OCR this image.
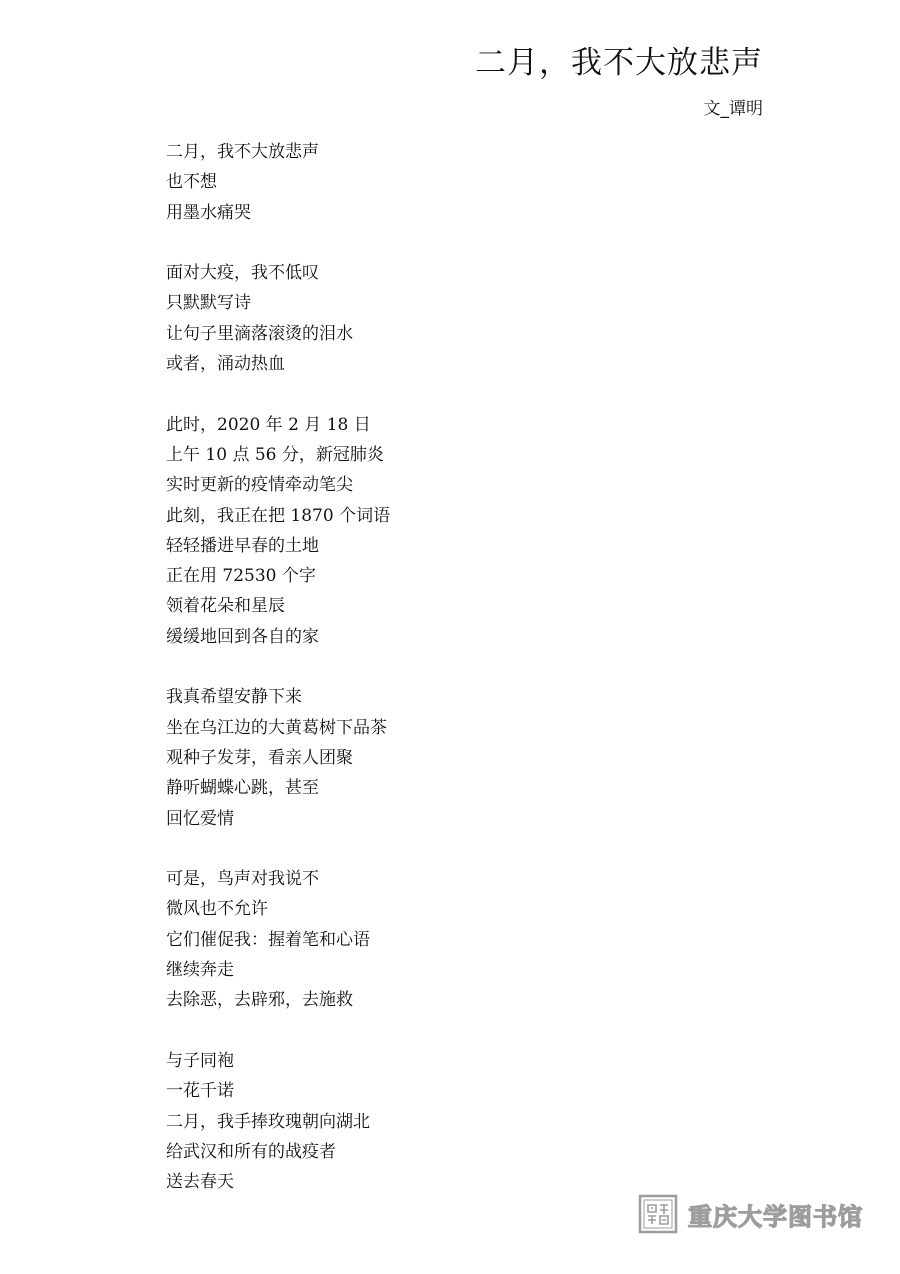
二月，我不大放悲声
文_谭明
二月，我不大放悲声
也不想
用墨水痛哭
面对大疫，我不低叹
只默默写诗
让句子里滴落滚烫的泪水
或者，涌动热血
此时，2020 年 2 月 18 日
上午 10 点 56 分，新冠肺炎
实时更新的疫情牵动笔尖
此刻，我正在把 1870 个词语
轻轻播进早春的土地
正在用 72530 个字
领着花朵和星辰
缓缓地回到各自的家
我真希望安静下来
坐在乌江边的大黄葛树下品茶
观种子发芽，看亲人团聚
静听蝴蝶心跳，甚至
回忆爱情
可是，鸟声对我说不
微风也不允许
它们催促我：握着笔和心语
继续奔走
去除恶，去辟邪，去施救
与子同袍
一花千诺
二月，我手捧玫瑰朝向湖北
给武汉和所有的战疫者
送去春天
重庆大学图书馆
